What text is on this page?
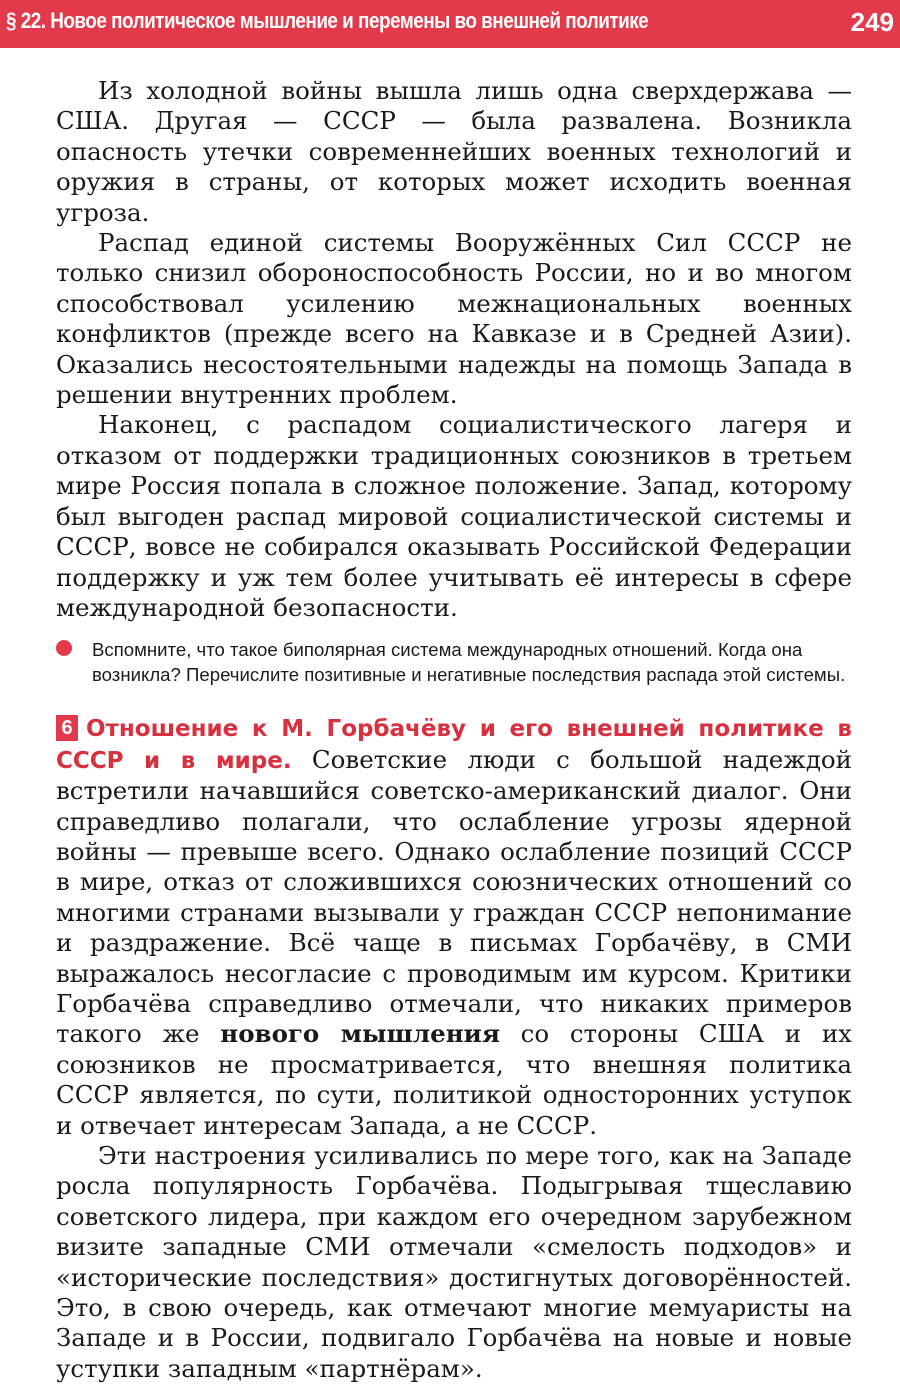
§ 22. Новое политическое мышление и перемены во внешней политике	249

Из холодной войны вышла лишь одна сверхдержава — США. Другая — СССР — была развалена. Возникла опасность утечки современнейших военных технологий и оружия в страны, от которых может исходить военная угроза.

Распад единой системы Вооружённых Сил СССР не только снизил обороноспособность России, но и во многом способствовал усилению межнациональных военных конфликтов (прежде всего на Кавказе и в Средней Азии). Оказались несостоятельными надежды на помощь Запада в решении внутренних проблем.

Наконец, с распадом социалистического лагеря и отказом от поддержки традиционных союзников в третьем мире Россия попала в сложное положение. Запад, которому был выгоден распад мировой социалистической системы и СССР, вовсе не собирался оказывать Российской Федерации поддержку и уж тем более учитывать её интересы в сфере международной безопасности.

Вспомните, что такое биполярная система международных отношений. Когда она возникла? Перечислите позитивные и негативные последствия распада этой системы.

6 Отношение к М. Горбачёву и его внешней политике в СССР и в мире. Советские люди с большой надеждой встретили начавшийся советско-американский диалог. Они справедливо полагали, что ослабление угрозы ядерной войны — превыше всего. Однако ослабление позиций СССР в мире, отказ от сложившихся союзнических отношений со многими странами вызывали у граждан СССР непонимание и раздражение. Всё чаще в письмах Горбачёву, в СМИ выражалось несогласие с проводимым им курсом. Критики Горбачёва справедливо отмечали, что никаких примеров такого же нового мышления со стороны США и их союзников не просматривается, что внешняя политика СССР является, по сути, политикой односторонних уступок и отвечает интересам Запада, а не СССР.

Эти настроения усиливались по мере того, как на Западе росла популярность Горбачёва. Подыгрывая тщеславию советского лидера, при каждом его очередном зарубежном визите западные СМИ отмечали «смелость подходов» и «исторические последствия» достигнутых договорённостей. Это, в свою очередь, как отмечают многие мемуаристы на Западе и в России, подвигало Горбачёва на новые и новые уступки западным «партнёрам».
